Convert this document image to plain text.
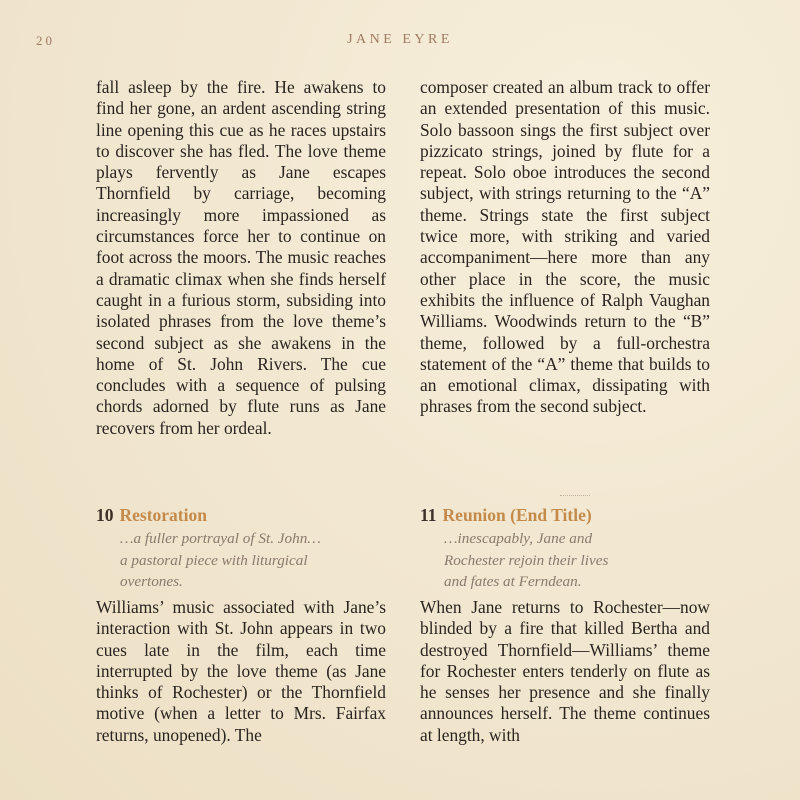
20	JANE EYRE

fall asleep by the fire. He awakens to find her gone, an ardent ascending string line opening this cue as he races upstairs to discover she has fled. The love theme plays fervently as Jane escapes Thornfield by carriage, becoming increasingly more impassioned as circumstances force her to continue on foot across the moors. The music reaches a dramatic climax when she finds herself caught in a furious storm, subsiding into isolated phrases from the love theme’s second subject as she awakens in the home of St. John Rivers. The cue concludes with a sequence of pulsing chords adorned by flute runs as Jane recovers from her ordeal.

10 Restoration

…a fuller portrayal of St. John…
a pastoral piece with liturgical
overtones.

Williams’ music associated with Jane’s interaction with St. John appears in two cues late in the film, each time interrupted by the love theme (as Jane thinks of Rochester) or the Thornfield motive (when a letter to Mrs. Fairfax returns, unopened). The

composer created an album track to offer an extended presentation of this music. Solo bassoon sings the first subject over pizzicato strings, joined by flute for a repeat. Solo oboe introduces the second subject, with strings returning to the “A” theme. Strings state the first subject twice more, with striking and varied accompaniment—here more than any other place in the score, the music exhibits the influence of Ralph Vaughan Williams. Woodwinds return to the “B” theme, followed by a full-orchestra statement of the “A” theme that builds to an emotional climax, dissipating with phrases from the second subject.

11 Reunion (End Title)

…inescapably, Jane and
Rochester rejoin their lives
and fates at Ferndean.

When Jane returns to Rochester—now blinded by a fire that killed Bertha and destroyed Thornfield—Williams’ theme for Rochester enters tenderly on flute as he senses her presence and she finally announces herself. The theme continues at length, with
